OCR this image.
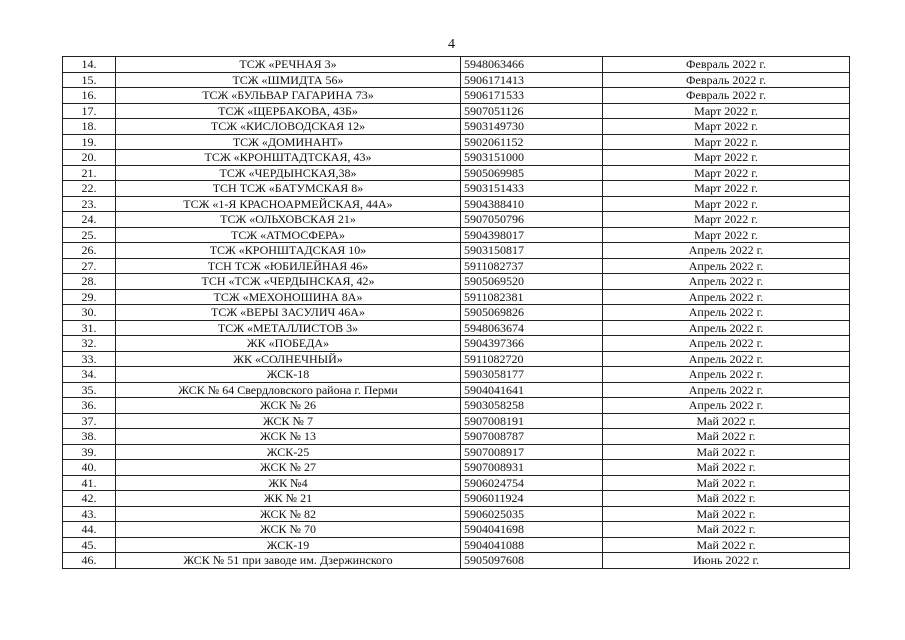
4
14.	ТСЖ «РЕЧНАЯ 3»	5948063466	Февраль 2022 г.
15.	ТСЖ «ШМИДТА 56»	5906171413	Февраль 2022 г.
16.	ТСЖ «БУЛЬВАР ГАГАРИНА 73»	5906171533	Февраль 2022 г.
17.	ТСЖ «ЩЕРБАКОВА, 43Б»	5907051126	Март 2022 г.
18.	ТСЖ «КИСЛОВОДСКАЯ 12»	5903149730	Март 2022 г.
19.	ТСЖ «ДОМИНАНТ»	5902061152	Март 2022 г.
20.	ТСЖ «КРОНШТАДТСКАЯ, 43»	5903151000	Март 2022 г.
21.	ТСЖ «ЧЕРДЫНСКАЯ,38»	5905069985	Март 2022 г.
22.	ТСН ТСЖ «БАТУМСКАЯ 8»	5903151433	Март 2022 г.
23.	ТСЖ «1-Я КРАСНОАРМЕЙСКАЯ, 44А»	5904388410	Март 2022 г.
24.	ТСЖ «ОЛЬХОВСКАЯ 21»	5907050796	Март 2022 г.
25.	ТСЖ «АТМОСФЕРА»	5904398017	Март 2022 г.
26.	ТСЖ «КРОНШТАДСКАЯ 10»	5903150817	Апрель 2022 г.
27.	ТСН ТСЖ «ЮБИЛЕЙНАЯ 46»	5911082737	Апрель 2022 г.
28.	ТСН «ТСЖ «ЧЕРДЫНСКАЯ, 42»	5905069520	Апрель 2022 г.
29.	ТСЖ «МЕХОНОШИНА 8А»	5911082381	Апрель 2022 г.
30.	ТСЖ «ВЕРЫ ЗАСУЛИЧ 46А»	5905069826	Апрель 2022 г.
31.	ТСЖ «МЕТАЛЛИСТОВ 3»	5948063674	Апрель 2022 г.
32.	ЖК «ПОБЕДА»	5904397366	Апрель 2022 г.
33.	ЖК «СОЛНЕЧНЫЙ»	5911082720	Апрель 2022 г.
34.	ЖСК-18	5903058177	Апрель 2022 г.
35.	ЖСК № 64 Свердловского района г. Перми	5904041641	Апрель 2022 г.
36.	ЖСК № 26	5903058258	Апрель 2022 г.
37.	ЖСК № 7	5907008191	Май 2022 г.
38.	ЖСК № 13	5907008787	Май 2022 г.
39.	ЖСК-25	5907008917	Май 2022 г.
40.	ЖСК № 27	5907008931	Май 2022 г.
41.	ЖК №4	5906024754	Май 2022 г.
42.	ЖК № 21	5906011924	Май 2022 г.
43.	ЖСК № 82	5906025035	Май 2022 г.
44.	ЖСК № 70	5904041698	Май 2022 г.
45.	ЖСК-19	5904041088	Май 2022 г.
46.	ЖСК № 51 при заводе им. Дзержинского	5905097608	Июнь 2022 г.
